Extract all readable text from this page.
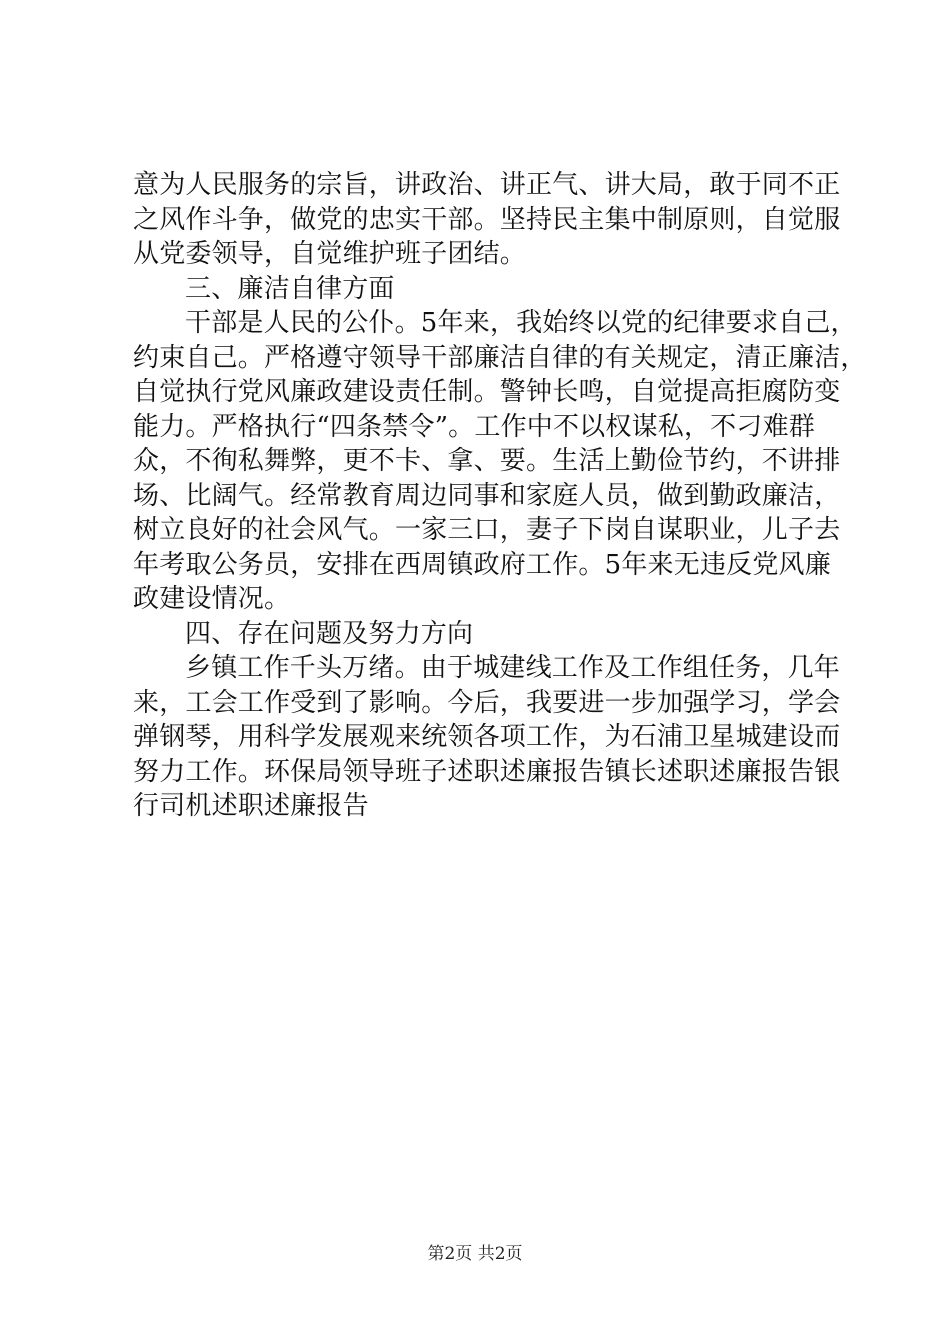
意为人民服务的宗旨，讲政治、讲正气、讲大局，敢于同不正
之风作斗争，做党的忠实干部。坚持民主集中制原则，自觉服
从党委领导，自觉维护班子团结。
三、廉洁自律方面
干部是人民的公仆。5年来，我始终以党的纪律要求自己，
约束自己。严格遵守领导干部廉洁自律的有关规定，清正廉洁，
自觉执行党风廉政建设责任制。警钟长鸣，自觉提高拒腐防变
能力。严格执行“四条禁令”。工作中不以权谋私，不刁难群
众，不徇私舞弊，更不卡、拿、要。生活上勤俭节约，不讲排
场、比阔气。经常教育周边同事和家庭人员，做到勤政廉洁，
树立良好的社会风气。一家三口，妻子下岗自谋职业，儿子去
年考取公务员，安排在西周镇政府工作。5年来无违反党风廉
政建设情况。
四、存在问题及努力方向
乡镇工作千头万绪。由于城建线工作及工作组任务，几年
来，工会工作受到了影响。今后，我要进一步加强学习，学会
弹钢琴，用科学发展观来统领各项工作，为石浦卫星城建设而
努力工作。环保局领导班子述职述廉报告镇长述职述廉报告银
行司机述职述廉报告
第2页 共2页
